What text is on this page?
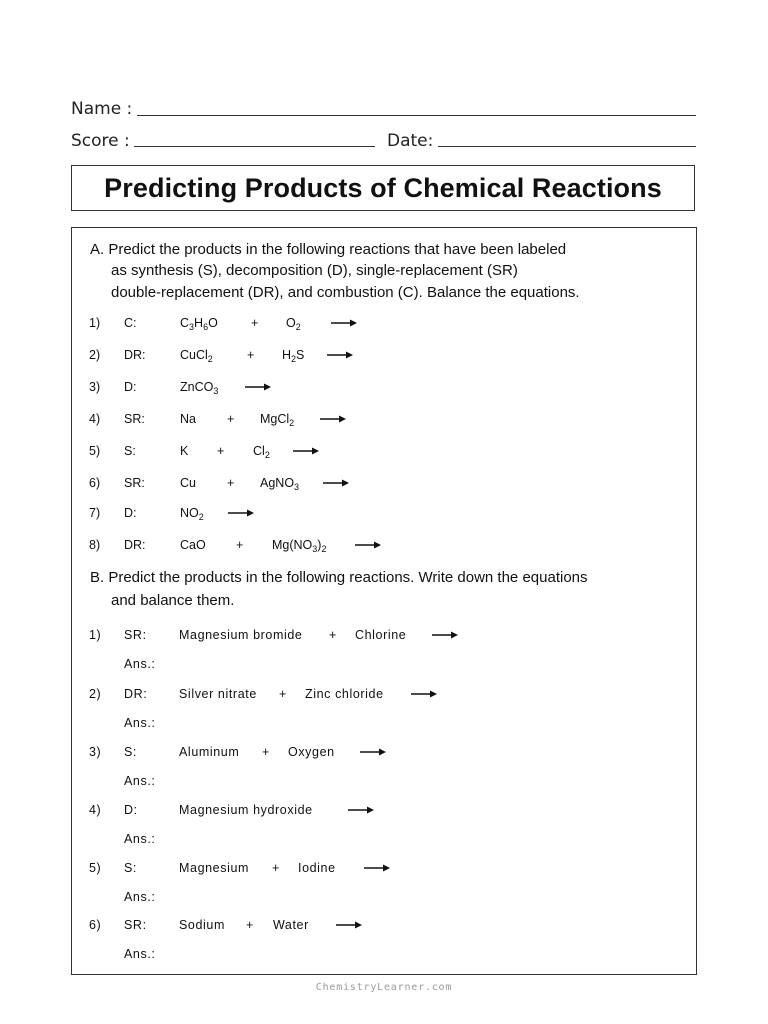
Name :
Score :	Date:
Predicting Products of Chemical Reactions
A. Predict the products in the following reactions that have been labeled
as synthesis (S), decomposition (D), single-replacement (SR)
double-replacement (DR), and combustion (C). Balance the equations.
1) C:	$C_3H_6O$	+ $O_2$
2) DR:	CuCl$_2$	+ $H_2S$
3) D:	ZnCO$_3$
4) SR:	Na + MgCl$_2$
5) S:	$K + Cl_2$
6) SR:	Cu + AgNO$_3$
7) D:	$NO_2$
8) DR:	CaO + $Mg(NO_3)_2$
B. Predict the products in the following reactions. Write down the equations
and balance them.
1) SR:	Magnesium bromide + Chlorine
Ans.:
2) DR:	Silver nitrate + Zinc chloride
Ans.:
3) S:	Aluminum + Oxygen
Ans.:
4) D:	Magnesium hydroxide
Ans.:
5) S:	Magnesium + Iodine
Ans.:
6) SR:	Sodium + Water
Ans.:
ChemistryLearner.com
